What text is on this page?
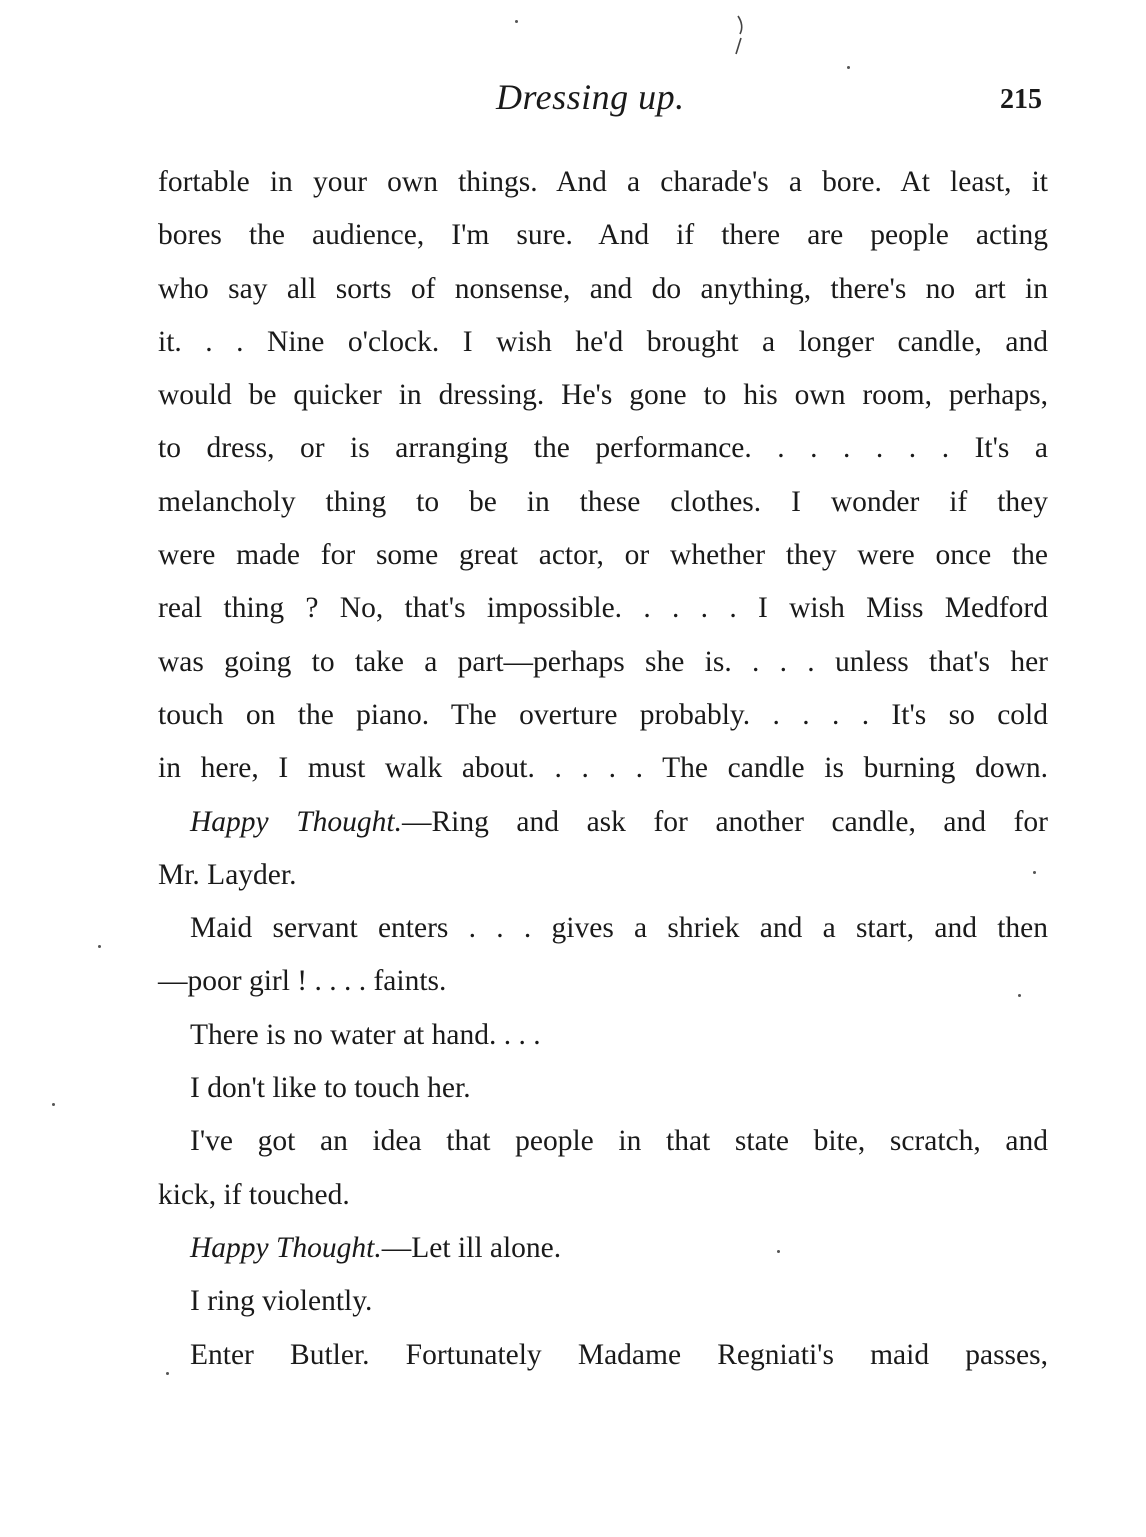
Dressing up.	215
fortable in your own things. And a charade's a bore. At least, it
bores the audience, I'm sure. And if there are people acting
who say all sorts of nonsense, and do anything, there's no art in
it. . . Nine o'clock. I wish he'd brought a longer candle, and
would be quicker in dressing. He's gone to his own room, perhaps,
to dress, or is arranging the performance. . . . . . . It's a
melancholy thing to be in these clothes. I wonder if they
were made for some great actor, or whether they were once the
real thing ? No, that's impossible. . . . . I wish Miss Medford
was going to take a part—perhaps she is. . . . unless that's her
touch on the piano. The overture probably. . . . . It's so cold
in here, I must walk about. . . . . The candle is burning down.
Happy Thought.—Ring and ask for another candle, and for
Mr. Layder.
Maid servant enters . . . gives a shriek and a start, and then
—poor girl ! . . . . faints.
There is no water at hand. . . .
I don't like to touch her.
I've got an idea that people in that state bite, scratch, and
kick, if touched.
Happy Thought.—Let ill alone.
I ring violently.
Enter Butler. Fortunately Madame Regniati's maid passes,
